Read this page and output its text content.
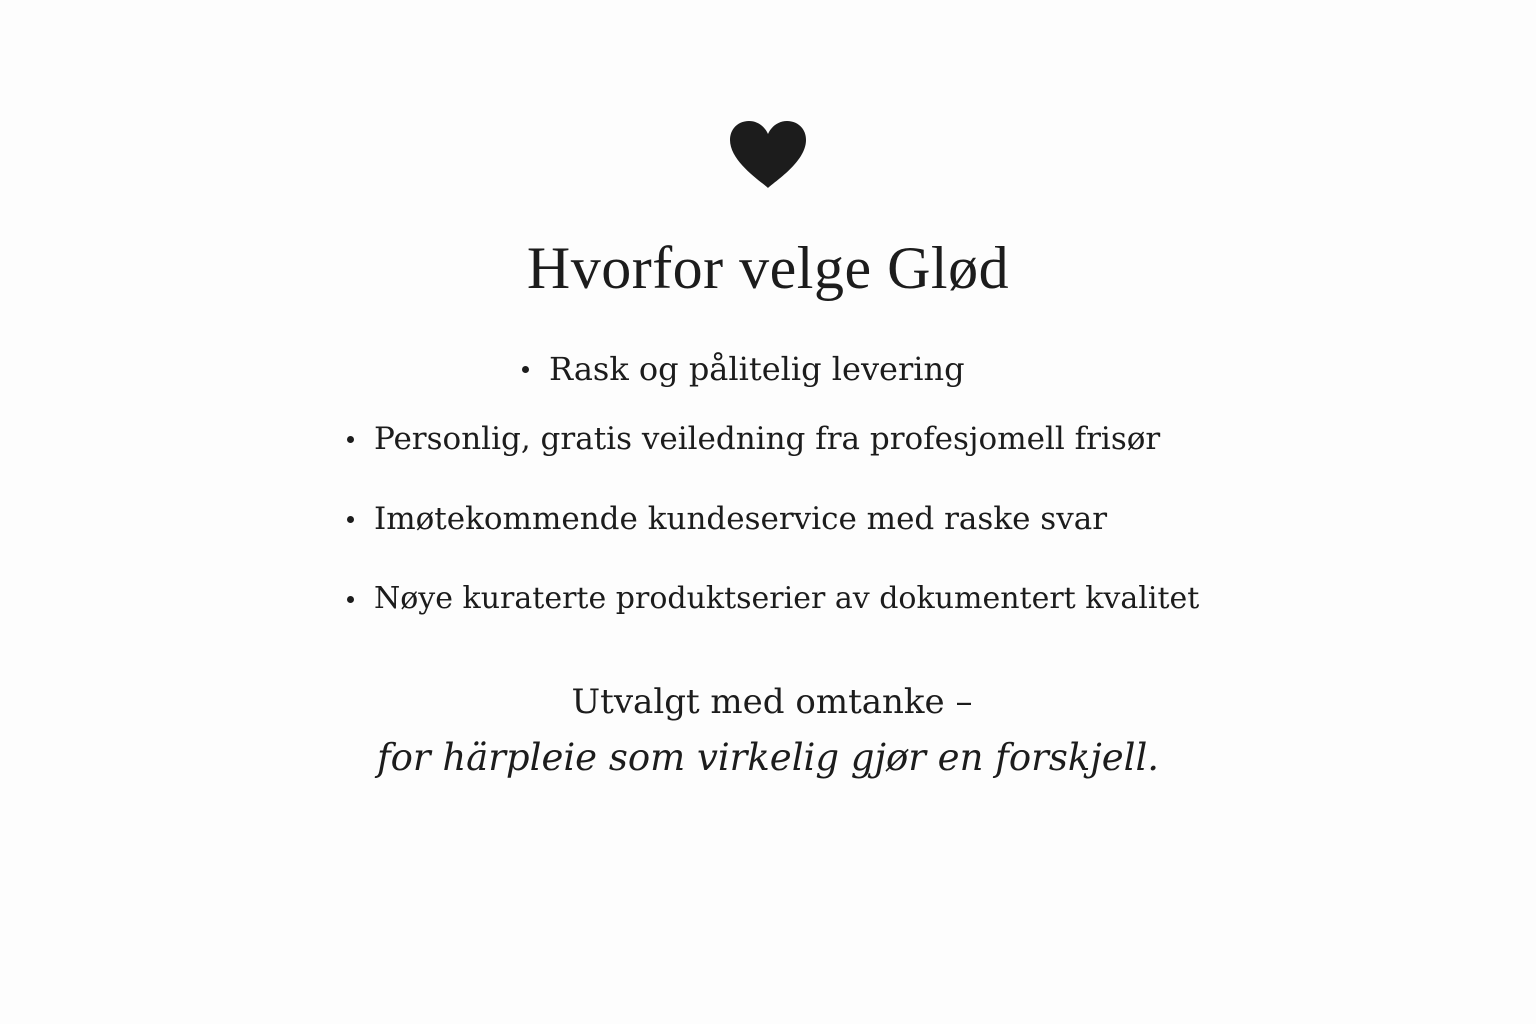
Hvorfor velge Glød
Rask og pålitelig levering
Personlig, gratis veiledning fra profesjomell frisør
Imøtekommende kundeservice med raske svar
Nøye kuraterte produktserier av dokumentert kvalitet
Utvalgt med omtanke –
for härpleie som virkelig gjør en forskjell.
